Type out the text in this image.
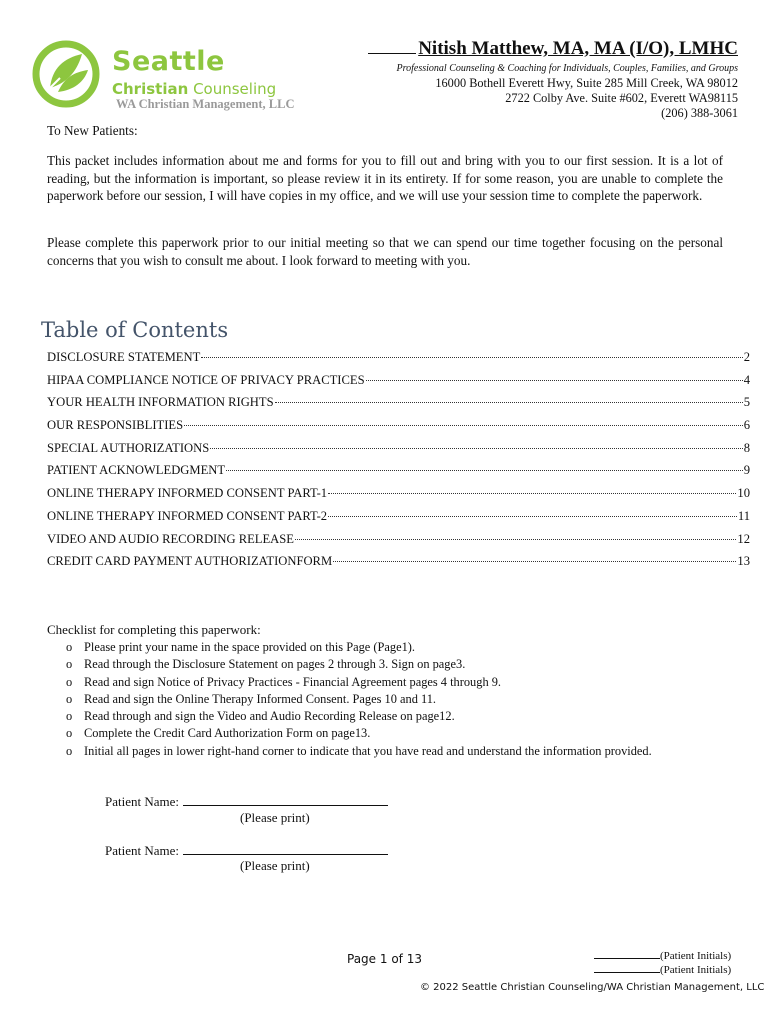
Seattle
Christian Counseling
WA Christian Management, LLC
Nitish Matthew, MA, MA (I/O), LMHC
Professional Counseling & Coaching for Individuals, Couples, Families, and Groups
16000 Bothell Everett Hwy, Suite 285 Mill Creek, WA 98012
2722 Colby Ave. Suite #602, Everett WA98115
(206) 388-3061
To New Patients:
This packet includes information about me and forms for you to fill out and bring with you to our first session. It is a lot of reading, but the information is important, so please review it in its entirety. If for some reason, you are unable to complete the paperwork before our session, I will have copies in my office, and we will use your session time to complete the paperwork.
Please complete this paperwork prior to our initial meeting so that we can spend our time together focusing on the personal concerns that you wish to consult me about. I look forward to meeting with you.
Table of Contents
DISCLOSURE STATEMENT	2
HIPAA COMPLIANCE NOTICE OF PRIVACY PRACTICES	4
YOUR HEALTH INFORMATION RIGHTS	5
OUR RESPONSIBLITIES	6
SPECIAL AUTHORIZATIONS	8
PATIENT ACKNOWLEDGMENT	9
ONLINE THERAPY INFORMED CONSENT PART-1	10
ONLINE THERAPY INFORMED CONSENT PART-2	11
VIDEO AND AUDIO RECORDING RELEASE	12
CREDIT CARD PAYMENT AUTHORIZATIONFORM	13
Checklist for completing this paperwork:
o Please print your name in the space provided on this Page (Page1).
o Read through the Disclosure Statement on pages 2 through 3. Sign on page3.
o Read and sign Notice of Privacy Practices - Financial Agreement pages 4 through 9.
o Read and sign the Online Therapy Informed Consent. Pages 10 and 11.
o Read through and sign the Video and Audio Recording Release on page12.
o Complete the Credit Card Authorization Form on page13.
o Initial all pages in lower right-hand corner to indicate that you have read and understand the information provided.
Patient Name:
(Please print)
Patient Name:
(Please print)
Page 1 of 13	(Patient Initials)
(Patient Initials)
© 2022 Seattle Christian Counseling/WA Christian Management, LLC
